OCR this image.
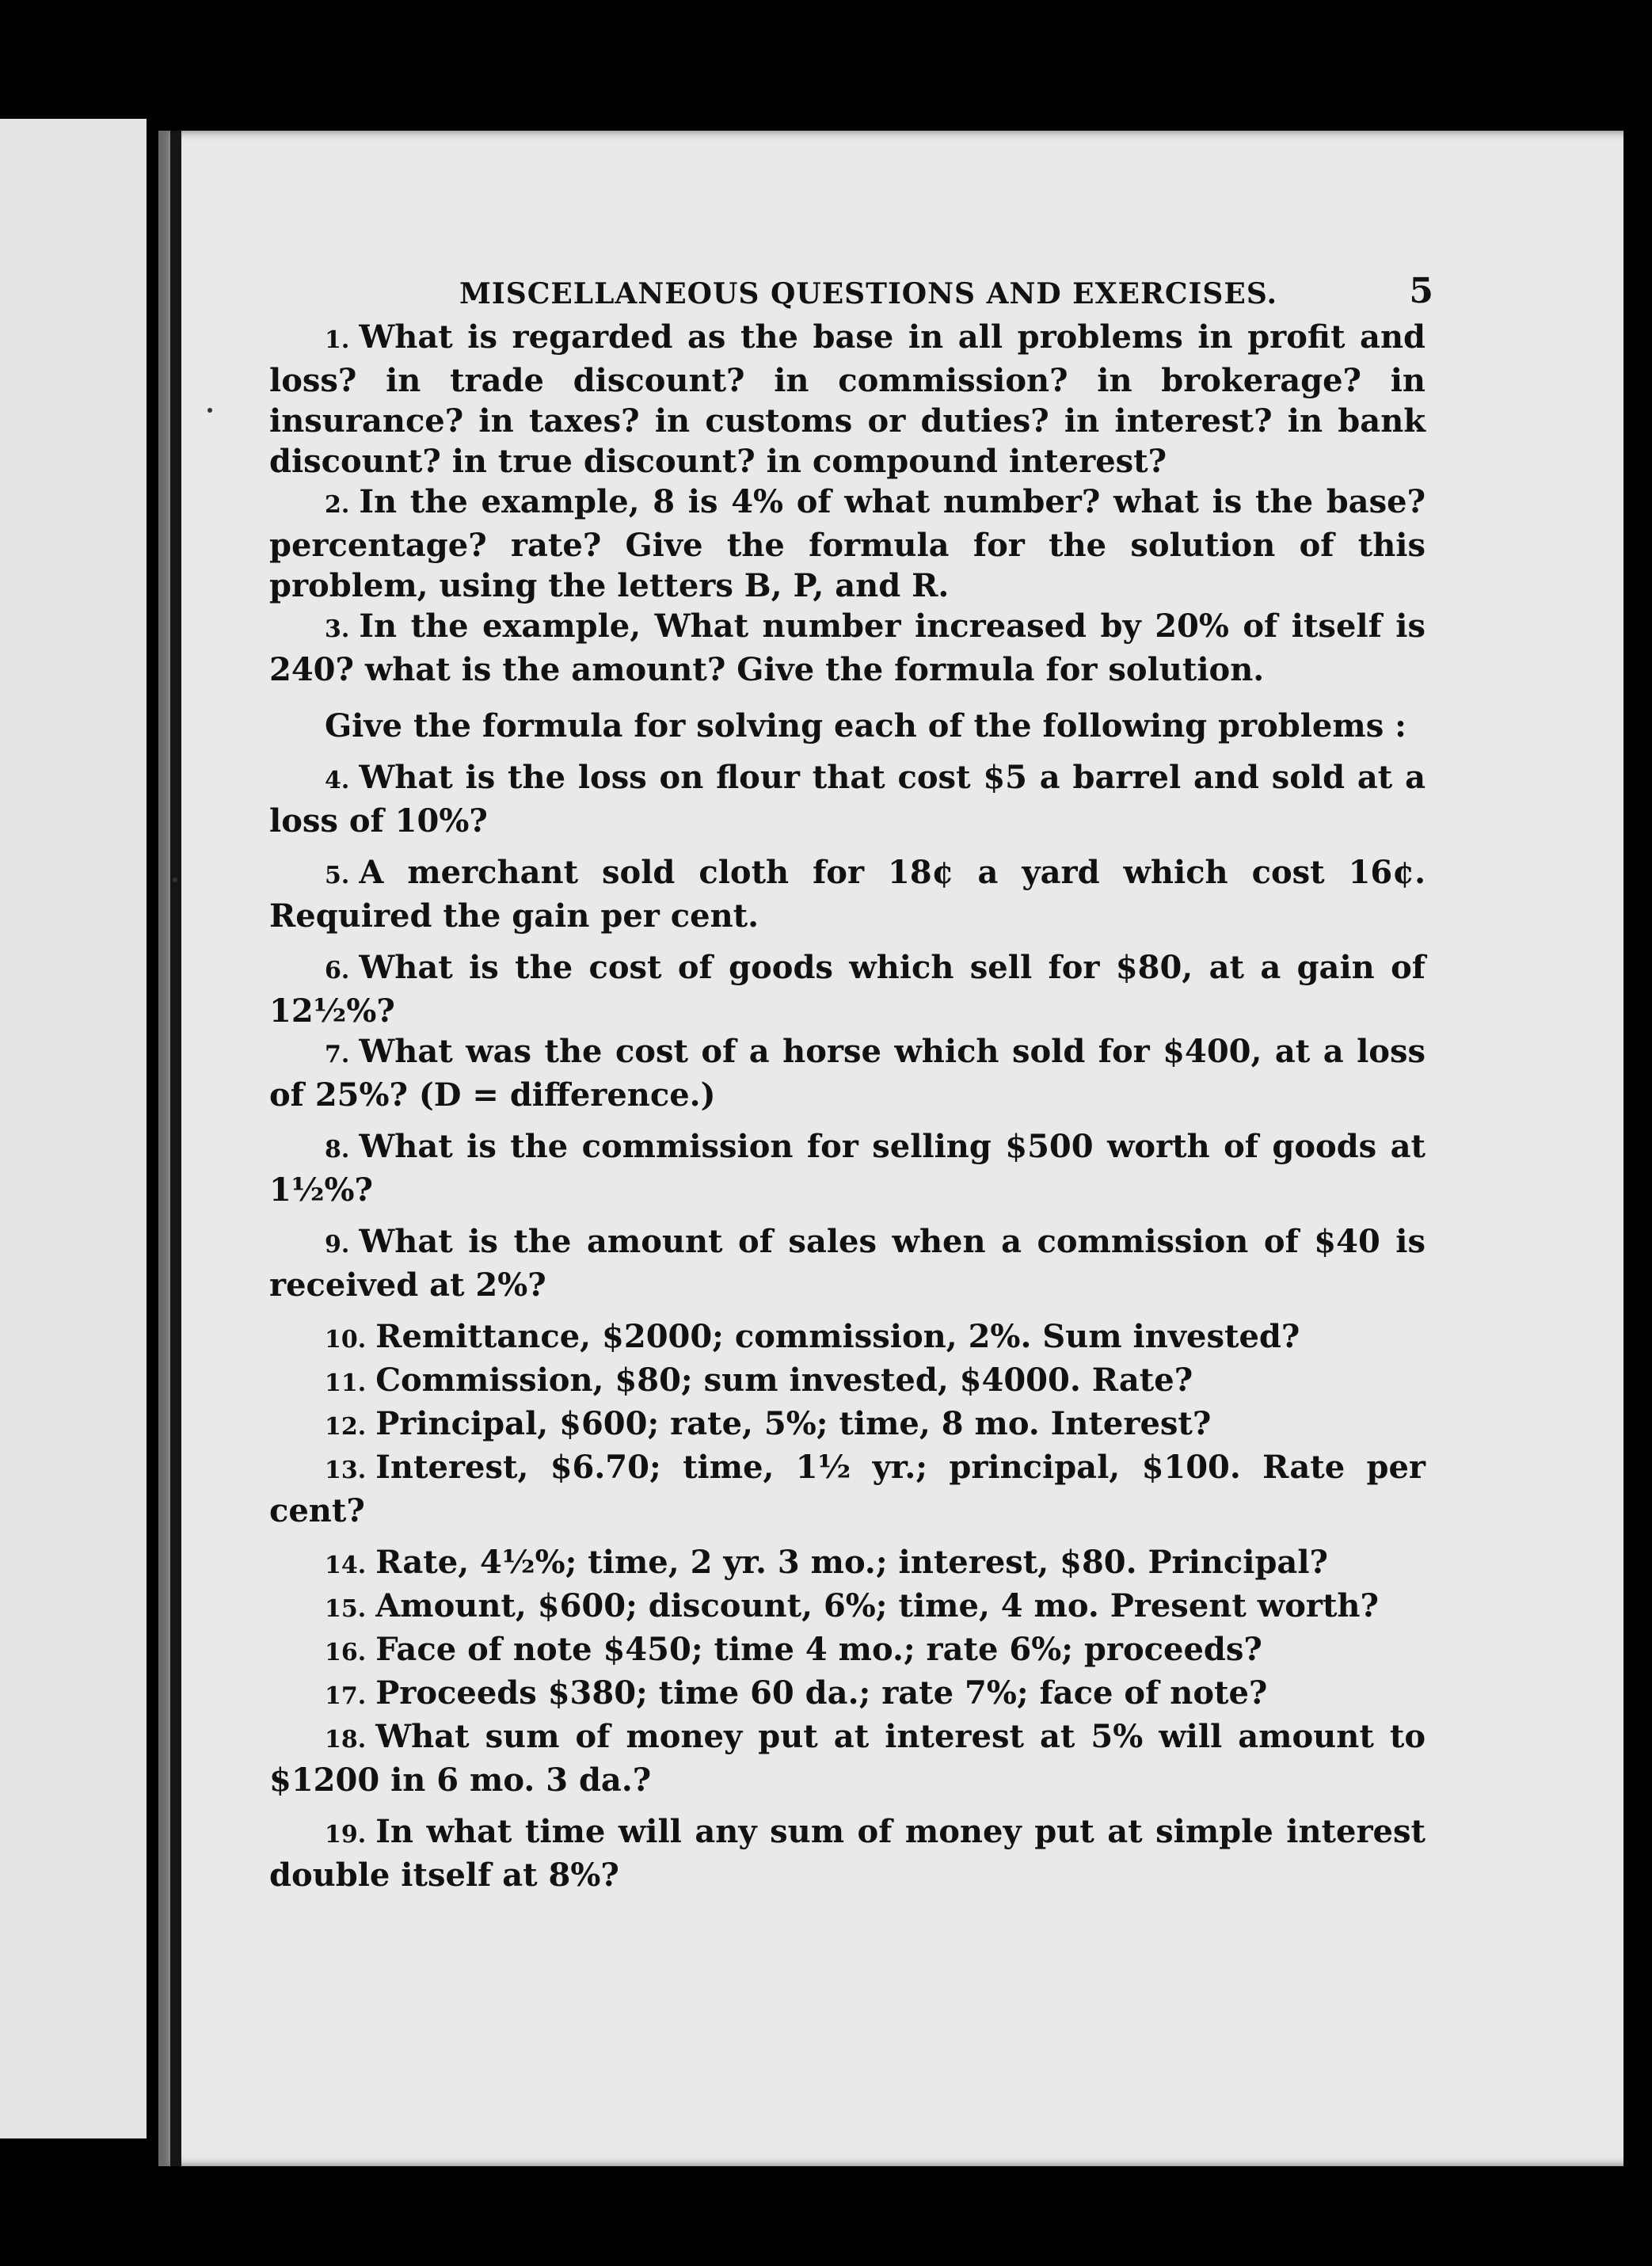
MISCELLANEOUS QUESTIONS AND EXERCISES.	5

1. What is regarded as the base in all problems in profit and loss? in trade discount? in commission? in brokerage? in insurance? in taxes? in customs or duties? in interest? in bank discount? in true discount? in compound interest?

2. In the example, 8 is 4% of what number? what is the base? percentage? rate? Give the formula for the solution of this problem, using the letters B, P, and R.

3. In the example, What number increased by 20% of itself is 240? what is the amount? Give the formula for solution.

Give the formula for solving each of the following problems :

4. What is the loss on flour that cost $5 a barrel and sold at a loss of 10%?

5. A merchant sold cloth for 18¢ a yard which cost 16¢. Required the gain per cent.

6. What is the cost of goods which sell for $80, at a gain of 12½%?

7. What was the cost of a horse which sold for $400, at a loss of 25%? (D = difference.)

8. What is the commission for selling $500 worth of goods at 1½%?

9. What is the amount of sales when a commission of $40 is received at 2%?

10. Remittance, $2000; commission, 2%. Sum invested?

11. Commission, $80; sum invested, $4000. Rate?

12. Principal, $600; rate, 5%; time, 8 mo. Interest?

13. Interest, $6.70; time, 1½ yr.; principal, $100. Rate per cent?

14. Rate, 4½%; time, 2 yr. 3 mo.; interest, $80. Principal?

15. Amount, $600; discount, 6%; time, 4 mo. Present worth?

16. Face of note $450; time 4 mo.; rate 6%; proceeds?

17. Proceeds $380; time 60 da.; rate 7%; face of note?

18. What sum of money put at interest at 5% will amount to $1200 in 6 mo. 3 da.?

19. In what time will any sum of money put at simple interest double itself at 8%?
